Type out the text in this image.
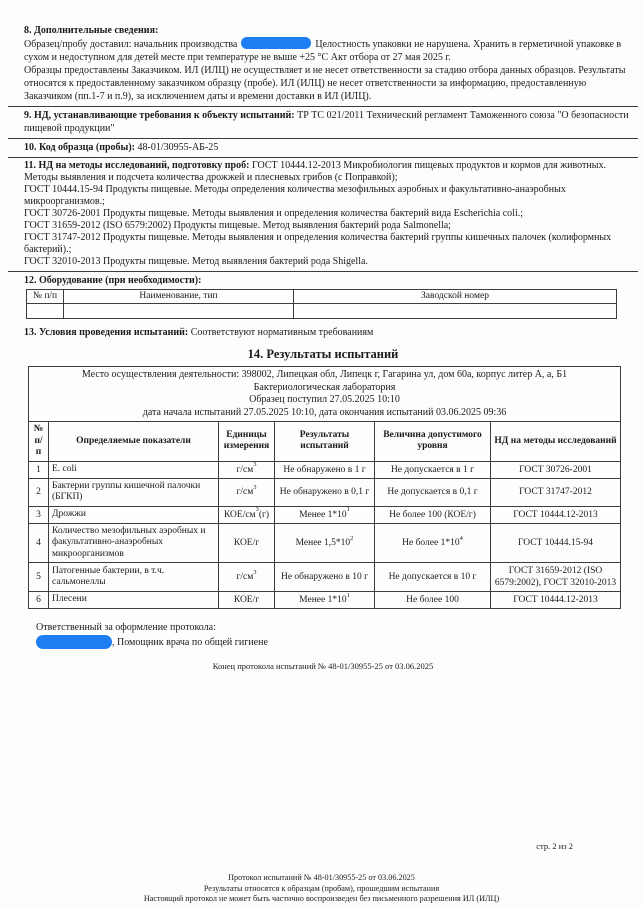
8. Дополнительные сведения:

Образец/пробу доставил: начальник производства	Целостность упаковки не нарушена. Хранить в герметичной упаковке в сухом и недоступном для детей месте при температуре не выше +25 °C Акт отбора от 27 мая 2025 г.

Образцы предоставлены Заказчиком. ИЛ (ИЛЦ) не осуществляет и не несет ответственности за стадию отбора данных образцов. Результаты относятся к предоставленному заказчиком образцу (пробе). ИЛ (ИЛЦ) не несет ответственности за информацию, предоставленную Заказчиком (пп.1-7 и п.9), за исключением даты и времени доставки в ИЛ (ИЛЦ).

9. НД, устанавливающие требования к объекту испытаний: ТР ТС 021/2011 Технический регламент Таможенного союза "О безопасности пищевой продукции"
10. Код образца (пробы): 48-01/30955-АБ-25

11. НД на методы исследований, подготовку проб: ГОСТ 10444.12-2013 Микробиология пищевых продуктов и кормов для животных. Методы выявления и подсчета количества дрожжей и плесневых грибов (с Поправкой);

ГОСТ 10444.15-94 Продукты пищевые. Методы определения количества мезофильных аэробных и факультативно-анаэробных микроорганизмов.;

ГОСТ 30726-2001 Продукты пищевые. Методы выявления и определения количества бактерий вида Escherichia coli.;

ГОСТ 31659-2012 (ISO 6579:2002) Продукты пищевые. Метод выявления бактерий рода Salmonella;

ГОСТ 31747-2012 Продукты пищевые. Методы выявления и определения количества бактерий группы кишечных палочек (колиформных бактерий).;

ГОСТ 32010-2013 Продукты пищевые. Метод выявления бактерий рода Shigella.

12. Оборудование (при необходимости):

№ п/п	Наименование, тип	Заводской номер

13. Условия проведения испытаний: Соответствуют нормативным требованиям
14. Результаты испытаний
Место осуществления деятельности: 398002, Липецкая обл, Липецк г, Гагарина ул, дом 60а, корпус литер А, а, Б1
Бактериологическая лаборатория
Образец поступил 27.05.2025 10:10
дата начала испытаний 27.05.2025 10:10, дата окончания испытаний 03.06.2025 09:36					

№ п/п	Определяемые показатели	Единицы измерения	Результаты испытаний	Величина допустимого уровня	НД на методы исследований
1	E. coli	$г/см^3$	Не обнаружено в 1 г	Не допускается в 1 г	ГОСТ 30726-2001
2	Бактерии группы кишечной палочки (БГКП)	$г/см^3$	Не обнаружено в 0,1 г	Не допускается в 0,1 г	ГОСТ 31747-2012
3	Дрожжи	КОЕ/$см^3(г)$	Менее $1*10^1$	Не более 100 (КОЕ/г)	ГОСТ 10444.12-2013
4	Количество мезофильных аэробных и факультативно-анаэробных микроорганизмов	КОЕ/г	Менее $1,5*10^2$	Не более $1*10^4$	ГОСТ 10444.15-94
5	Патогенные бактерии, в т.ч. сальмонеллы	$г/см^3$	Не обнаружено в 10 г	Не допускается в 10 г	ГОСТ 31659-2012 (ISO 6579:2002), ГОСТ 32010-2013
6	Плесени	КОЕ/г	Менее $1*10^1$	Не более 100	ГОСТ 10444.12-2013
Ответственный за оформление протокола:
, Помощник врача по общей гигиене
Конец протокола испытаний № 48-01/30955-25 от 03.06.2025
стр. 2 из 2
Протокол испытаний № 48-01/30955-25 от 03.06.2025
Результаты относятся к образцам (пробам), прошедшим испытания
Настоящий протокол не может быть частично воспроизведен без письменного разрешения ИЛ (ИЛЦ)
